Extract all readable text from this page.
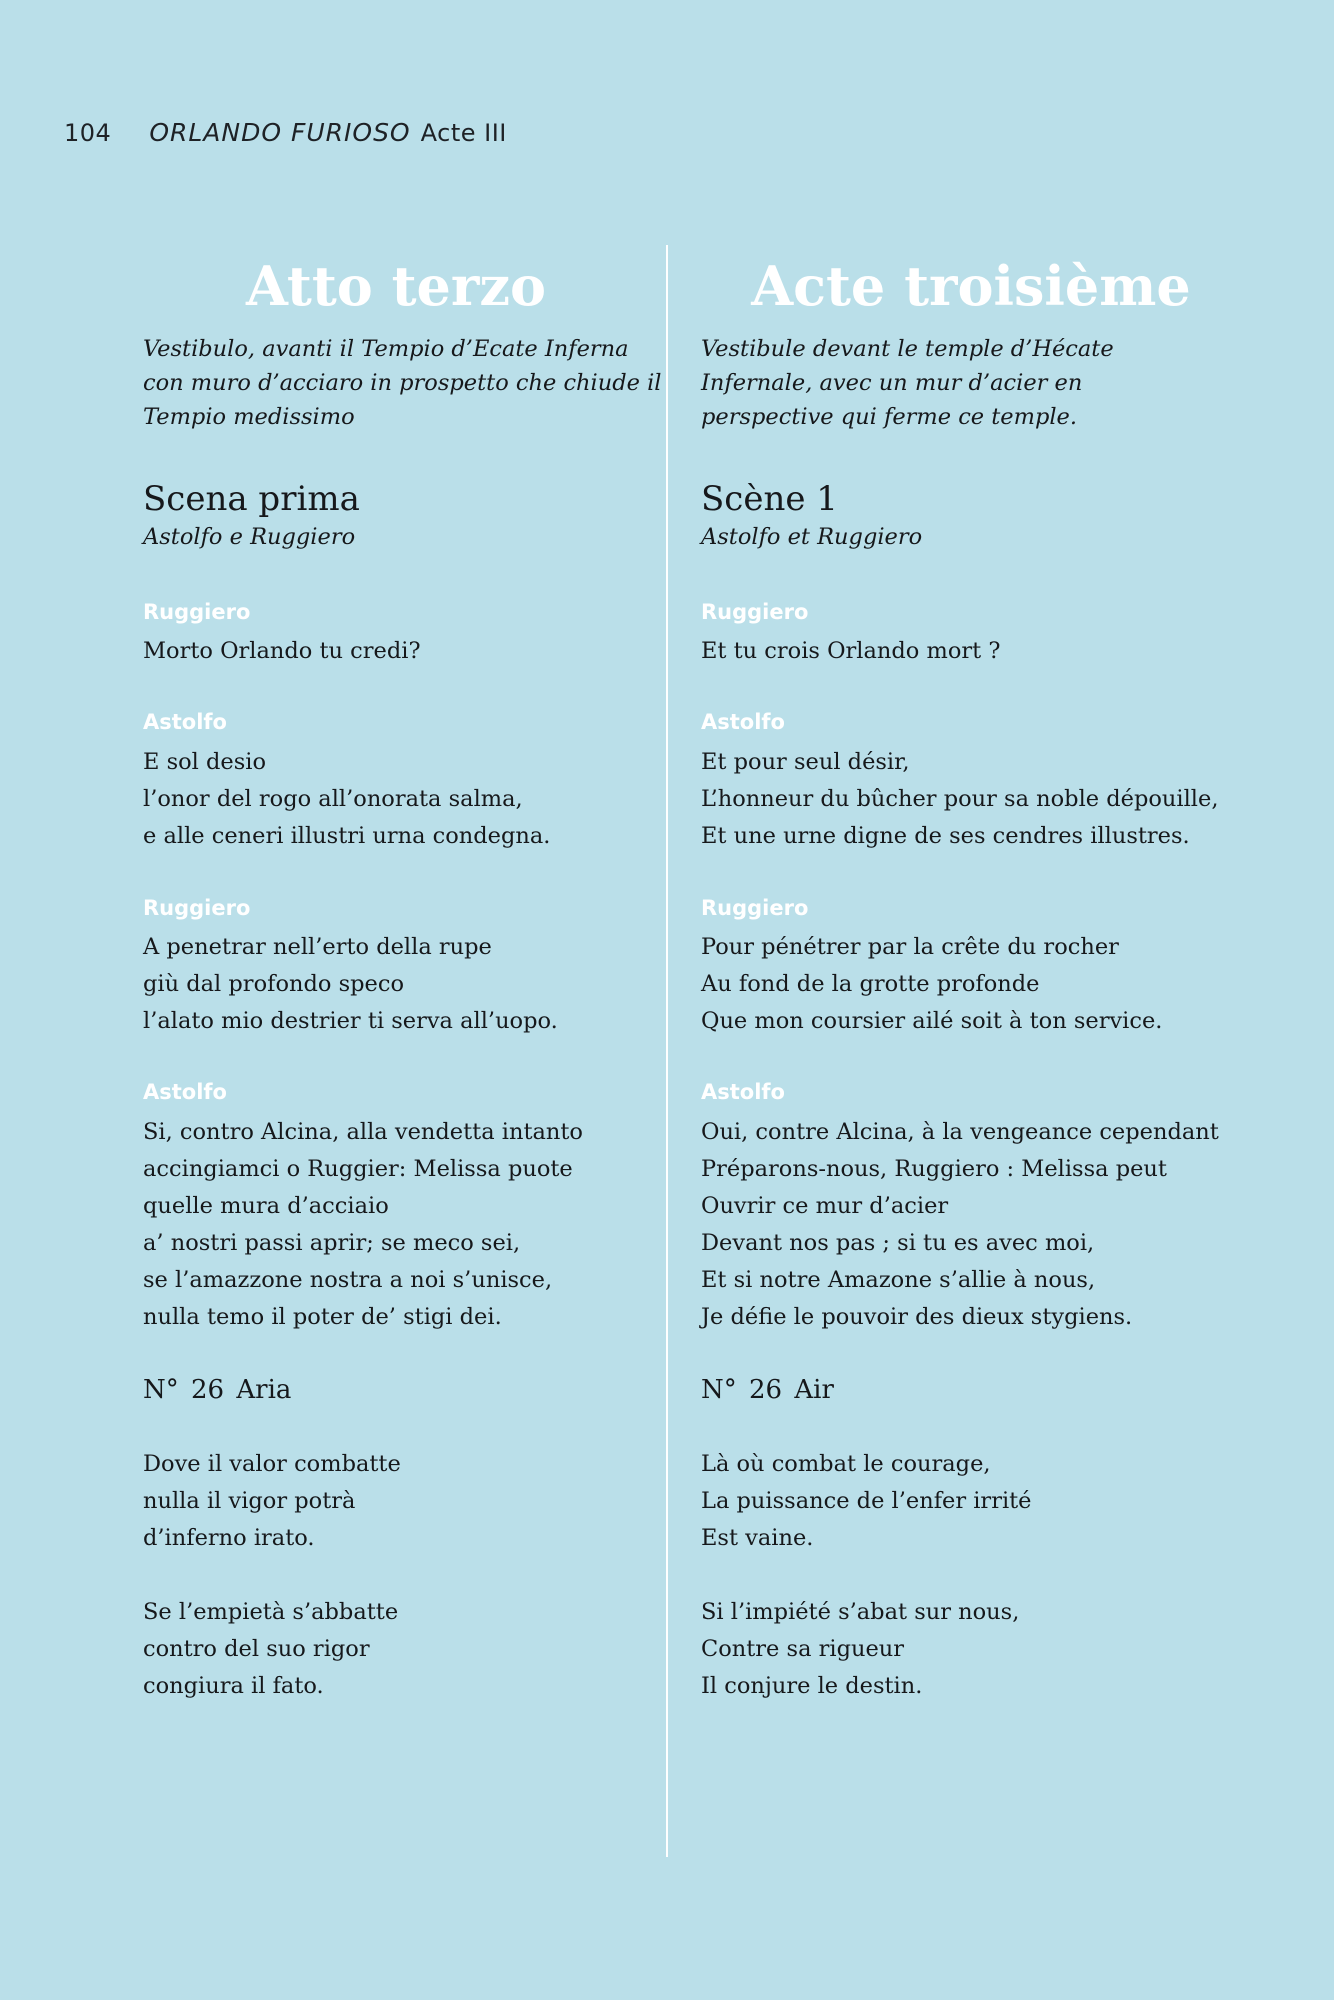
104 ORLANDO FURIOSO Acte III
Atto terzo

Vestibulo, avanti il Tempio d’Ecate Inferna
con muro d’acciaro in prospetto che chiude il
Tempio medissimo

Scena prima
Astolfo e Ruggiero
Ruggiero
Morto Orlando tu credi?
Astolfo
E sol desio
l’onor del rogo all’onorata salma,
e alle ceneri illustri urna condegna.
Ruggiero
A penetrar nell’erto della rupe
giù dal profondo speco
l’alato mio destrier ti serva all’uopo.
Astolfo
Si, contro Alcina, alla vendetta intanto
accingiamci o Ruggier: Melissa puote
quelle mura d’acciaio
a’ nostri passi aprir; se meco sei,
se l’amazzone nostra a noi s’unisce,
nulla temo il poter de’ stigi dei.
N° 26 Aria
Dove il valor combatte
nulla il vigor potrà
d’inferno irato.
Se l’empietà s’abbatte
contro del suo rigor
congiura il fato.
Acte troisième

Vestibule devant le temple d’Hécate
Infernale, avec un mur d’acier en
perspective qui ferme ce temple.

Scène 1
Astolfo et Ruggiero
Ruggiero
Et tu crois Orlando mort ?
Astolfo
Et pour seul désir,
L’honneur du bûcher pour sa noble dépouille,
Et une urne digne de ses cendres illustres.
Ruggiero
Pour pénétrer par la crête du rocher
Au fond de la grotte profonde
Que mon coursier ailé soit à ton service.
Astolfo
Oui, contre Alcina, à la vengeance cependant
Préparons-nous, Ruggiero : Melissa peut
Ouvrir ce mur d’acier
Devant nos pas ; si tu es avec moi,
Et si notre Amazone s’allie à nous,
Je défie le pouvoir des dieux stygiens.
N° 26 Air
Là où combat le courage,
La puissance de l’enfer irrité
Est vaine.
Si l’impiété s’abat sur nous,
Contre sa rigueur
Il conjure le destin.
